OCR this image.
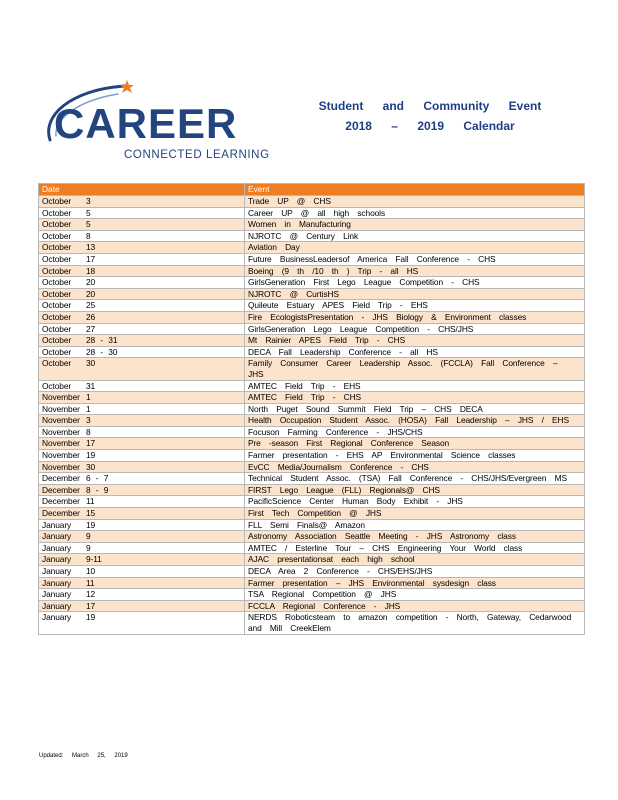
CAREER
CONNECTED LEARNING
Student and Community Event
2018 – 2019 Calendar
Date	Event
October 3	Trade UP @ CHS
October 5	Career UP @ all high schools
October 5	Women in Manufacturing
October 8	NJROTC @ Century Link
October 13	Aviation Day
October 17	Future BusinessLeadersof America Fall Conference - CHS
October 18	Boeing (9 th /10 th ) Trip - all HS
October 20	GirlsGeneration First Lego League Competition - CHS
October 20	NJROTC @ CurtisHS
October 25	Quileute Estuary APES Field Trip - EHS
October 26	Fire EcologistsPresentation - JHS Biology & Environment classes
October 27	GirlsGeneration Lego League Competition - CHS/JHS
October 28 - 31	Mt Rainier APES Field Trip - CHS
October 28 - 30	DECA Fall Leadership Conference - all HS
October 30	Family Consumer Career Leadership Assoc. (FCCLA) Fall Conference – JHS
October 31	AMTEC Field Trip - EHS
November 1	AMTEC Field Trip - CHS
November 1	North Puget Sound Summit Field Trip – CHS DECA
November 3	Health Occupation Student Assoc. (HOSA) Fall Leadership – JHS / EHS
November 8	Focuson Farming Conference - JHS/CHS
November 17	Pre -season First Regional Conference Season
November 19	Farmer presentation - EHS AP Environmental Science classes
November 30	EvCC Media/Journalism Conference - CHS
December 6 - 7	Technical Student Assoc. (TSA) Fall Conference - CHS/JHS/Evergreen MS
December 8 - 9	FIRST Lego League (FLL) Regionals@ CHS
December 11	PacificScience Center Human Body Exhibit - JHS
December 15	First Tech Competition @ JHS
January 19	FLL Semi Finals@ Amazon
January 9	Astronomy Association Seattle Meeting - JHS Astronomy class
January 9	AMTEC / Esterline Tour – CHS Engineering Your World class
January 9-11	AJAC presentationsat each high school
January 10	DECA Area 2 Conference - CHS/EHS/JHS
January 11	Farmer presentation – JHS Environmental sysdesign class
January 12	TSA Regional Competition @ JHS
January 17	FCCLA Regional Conference - JHS
January 19	NERDS Roboticsteam to amazon competition - North, Gateway, Cedarwood and Mill CreekElem
Updated: March 25, 2019
